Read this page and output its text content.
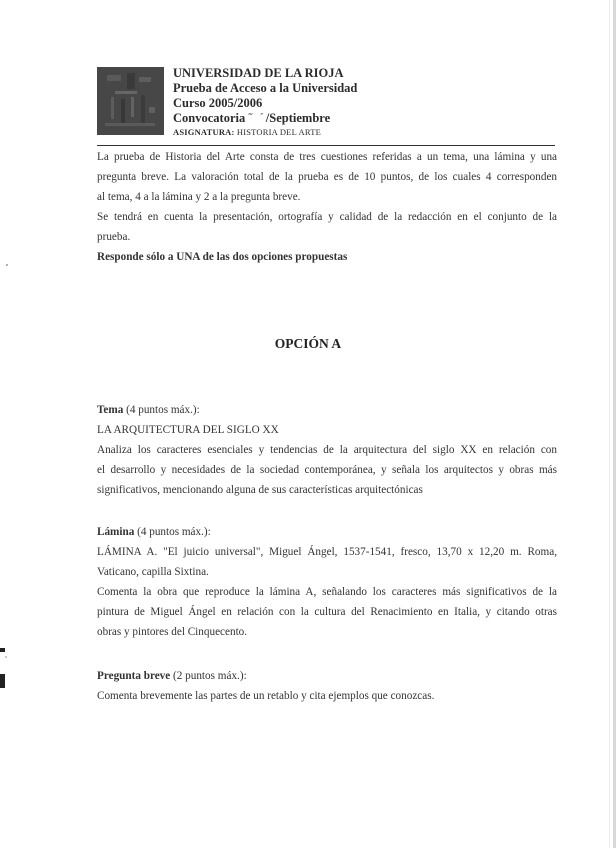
UNIVERSIDAD DE LA RIOJA
Prueba de Acceso a la Universidad
Curso 2005/2006
Convocatoria ˜ ´/Septiembre
ASIGNATURA: HISTORIA DEL ARTE

La prueba de Historia del Arte consta de tres cuestiones referidas a un tema, una lámina y una

pregunta breve. La valoración total de la prueba es de 10 puntos, de los cuales 4 corresponden

al tema, 4 a la lámina y 2 a la pregunta breve.

Se tendrá en cuenta la presentación, ortografía y calidad de la redacción en el conjunto de la

prueba.

Responde sólo a UNA de las dos opciones propuestas

OPCIÓN A

Tema (4 puntos máx.):

LA ARQUITECTURA DEL SIGLO XX

Analiza los caracteres esenciales y tendencias de la arquitectura del siglo XX en relación con

el desarrollo y necesidades de la sociedad contemporánea, y señala los arquitectos y obras más

significativos, mencionando alguna de sus características arquitectónicas

Lámina (4 puntos máx.):

LÁMINA A. "El juicio universal", Miguel Ángel, 1537-1541, fresco, 13,70 x 12,20 m. Roma,

Vaticano, capilla Sixtina.

Comenta la obra que reproduce la lámina A, señalando los caracteres más significativos de la

pintura de Miguel Ángel en relación con la cultura del Renacimiento en Italia, y citando otras

obras y pintores del Cinquecento.

Pregunta breve (2 puntos máx.):

Comenta brevemente las partes de un retablo y cita ejemplos que conozcas.
